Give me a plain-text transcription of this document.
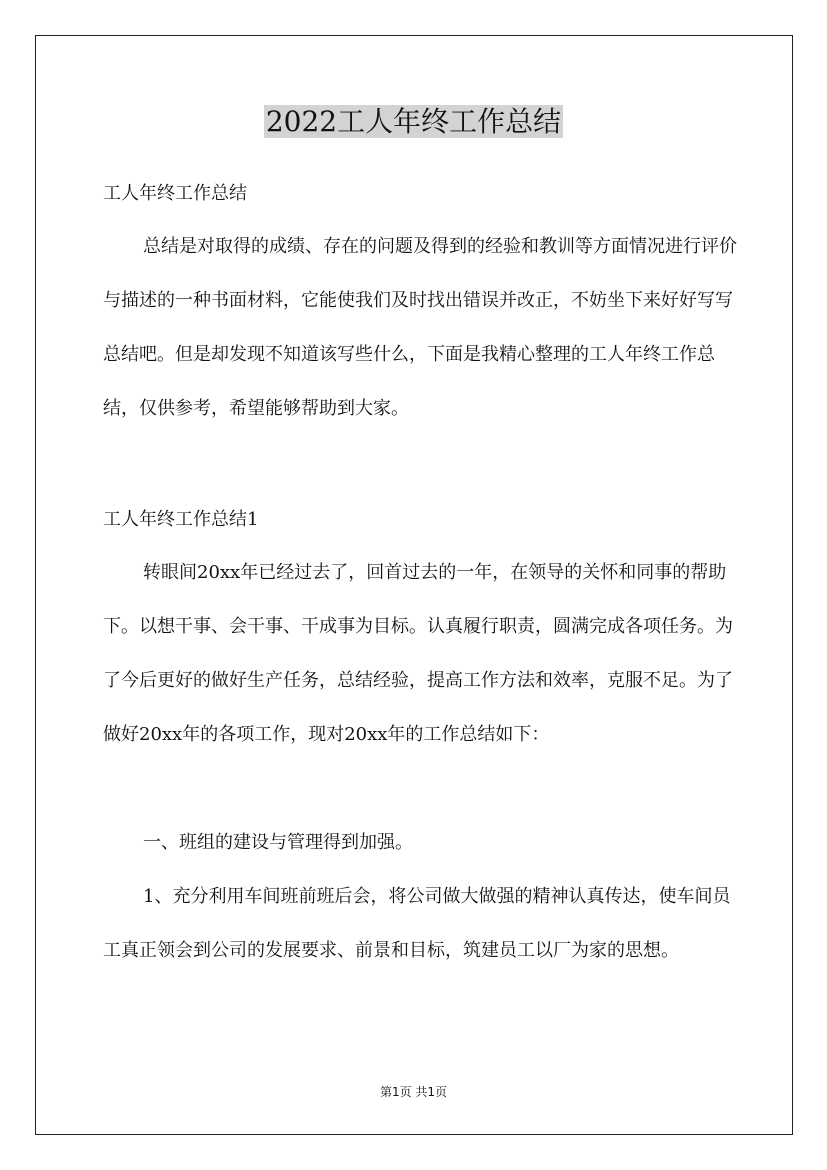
2022工人年终工作总结

工人年终工作总结

总结是对取得的成绩、存在的问题及得到的经验和教训等方面情况进行评价与描述的一种书面材料，它能使我们及时找出错误并改正，不妨坐下来好好写写总结吧。但是却发现不知道该写些什么，下面是我精心整理的工人年终工作总结，仅供参考，希望能够帮助到大家。

工人年终工作总结1

转眼间20xx年已经过去了，回首过去的一年，在领导的关怀和同事的帮助下。以想干事、会干事、干成事为目标。认真履行职责，圆满完成各项任务。为了今后更好的做好生产任务，总结经验，提高工作方法和效率，克服不足。为了做好20xx年的各项工作，现对20xx年的工作总结如下：

一、班组的建设与管理得到加强。

1、充分利用车间班前班后会，将公司做大做强的精神认真传达，使车间员工真正领会到公司的发展要求、前景和目标，筑建员工以厂为家的思想。

第1页 共1页
